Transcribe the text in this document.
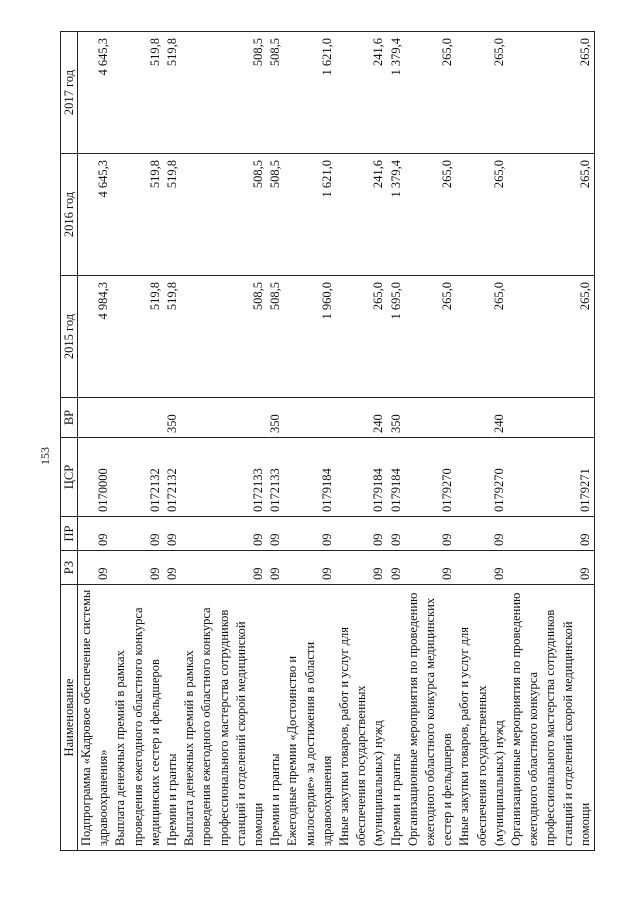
153
Наименование	РЗ	ПР	ЦСР	ВР	2015 год	2016 год	2017 год
Подпрограмма «Кадровое обеспечение системы здравоохранения»	09	09	0170000		4 984,3	4 645,3	4 645,3
Выплата денежных премий в рамках проведения ежегодного областного конкурса медицинских сестер и фельдшеров	09	09	0172132		519,8	519,8	519,8
Премии и гранты	09	09	0172132	350	519,8	519,8	519,8
Выплата денежных премий в рамках проведения ежегодного областного конкурса профессионального мастерства сотрудников станций и отделений скорой медицинской помощи	09	09	0172133		508,5	508,5	508,5
Премии и гранты	09	09	0172133	350	508,5	508,5	508,5
Ежегодные премии «Достоинство и милосердие» за достижения в области здравоохранения	09	09	0179184		1 960,0	1 621,0	1 621,0
Иные закупки товаров, работ и услуг для обеспечения государственных (муниципальных) нужд	09	09	0179184	240	265,0	241,6	241,6
Премии и гранты	09	09	0179184	350	1 695,0	1 379,4	1 379,4
Организационные мероприятия по проведению ежегодного областного конкурса медицинских сестер и фельдшеров	09	09	0179270		265,0	265,0	265,0
Иные закупки товаров, работ и услуг для обеспечения государственных (муниципальных) нужд	09	09	0179270	240	265,0	265,0	265,0
Организационные мероприятия по проведению ежегодного областного конкурса профессионального мастерства сотрудников станций и отделений скорой медицинской помощи	09	09	0179271		265,0	265,0	265,0
